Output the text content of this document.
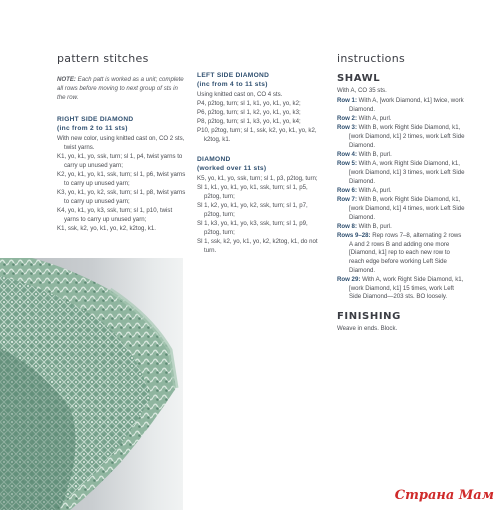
pattern stitches
NOTE: Each patt is worked as a unit; complete all rows before moving to next group of sts in the row.
RIGHT SIDE DIAMOND
(inc from 2 to 11 sts)

With new color, using knitted cast on, CO 2 sts, twist yarns.

K1, yo, k1, yo, ssk, turn; sl 1, p4, twist yarns to carry up unused yarn;

K2, yo, k1, yo, k1, ssk, turn; sl 1, p6, twist yarns to carry up unused yarn;

K3, yo, k1, yo, k2, ssk, turn; sl 1, p8, twist yarns to carry up unused yarn;

K4, yo, k1, yo, k3, ssk, turn; sl 1, p10, twist yarns to carry up unused yarn;

K1, ssk, k2, yo, k1, yo, k2, k2tog, k1.

LEFT SIDE DIAMOND
(inc from 4 to 11 sts)

Using knitted cast on, CO 4 sts.

P4, p2tog, turn; sl 1, k1, yo, k1, yo, k2;

P6, p2tog, turn; sl 1, k2, yo, k1, yo, k3;

P8, p2tog, turn; sl 1, k3, yo, k1, yo, k4;

P10, p2tog, turn; sl 1, ssk, k2, yo, k1, yo, k2, k2tog, k1.

DIAMOND
(worked over 11 sts)

K5, yo, k1, yo, ssk, turn; sl 1, p3, p2tog, turn;

Sl 1, k1, yo, k1, yo, k1, ssk, turn; sl 1, p5, p2tog, turn;

Sl 1, k2, yo, k1, yo, k2, ssk, turn; sl 1, p7, p2tog, turn;

Sl 1, k3, yo, k1, yo, k3, ssk, turn; sl 1, p9, p2tog, turn;

Sl 1, ssk, k2, yo, k1, yo, k2, k2tog, k1, do not turn.

instructions
SHAWL

With A, CO 35 sts.

Row 1: With A, [work Diamond, k1] twice, work Diamond.

Row 2: With A, purl.

Row 3: With B, work Right Side Diamond, k1, [work Diamond, k1] 2 times, work Left Side Diamond.

Row 4: With B, purl.

Row 5: With A, work Right Side Diamond, k1, [work Diamond, k1] 3 times, work Left Side Diamond.

Row 6: With A, purl.

Row 7: With B, work Right Side Diamond, k1, [work Diamond, k1] 4 times, work Left Side Diamond.

Row 8: With B, purl.

Rows 9–28: Rep rows 7–8, alternating 2 rows A and 2 rows B and adding one more [Diamond, k1] rep to each new row to reach edge before working Left Side Diamond.

Row 29: With A, work Right Side Diamond, k1, [work Diamond, k1] 15 times, work Left Side Diamond—203 sts. BO loosely.

FINISHING

Weave in ends. Block.

Страна Мам
